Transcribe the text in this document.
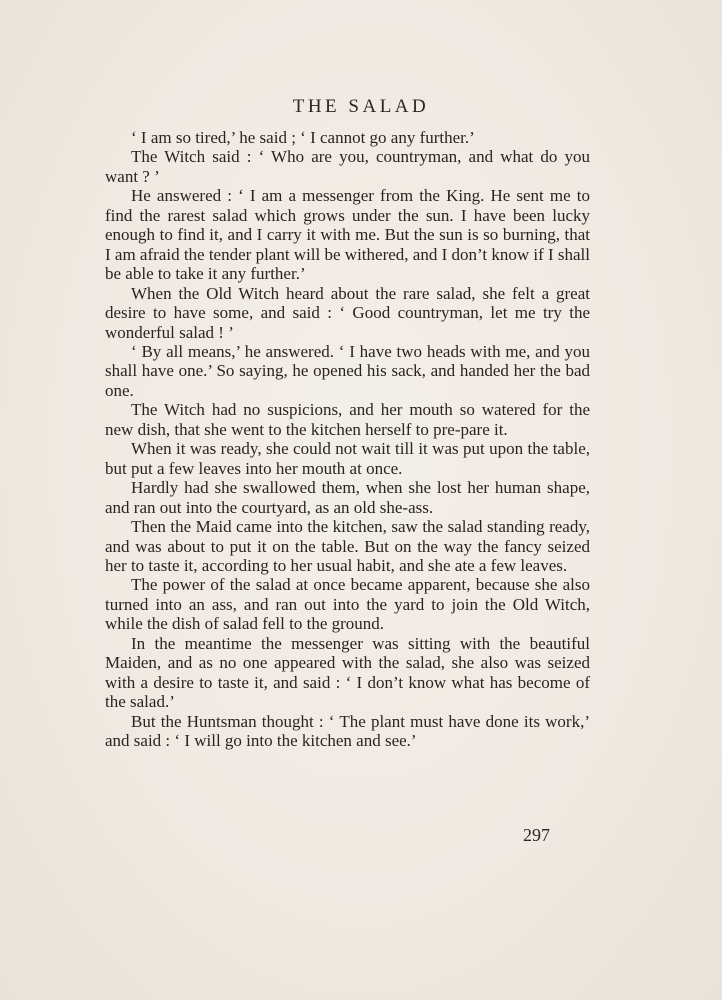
THE SALAD

‘ I am so tired,’ he said ; ‘ I cannot go any further.’

The Witch said : ‘ Who are you, countryman, and what do you want ? ’

He answered : ‘ I am a messenger from the King. He sent me to find the rarest salad which grows under the sun. I have been lucky enough to find it, and I carry it with me. But the sun is so burning, that I am afraid the tender plant will be withered, and I don’t know if I shall be able to take it any further.’

When the Old Witch heard about the rare salad, she felt a great desire to have some, and said : ‘ Good countryman, let me try the wonderful salad ! ’

‘ By all means,’ he answered. ‘ I have two heads with me, and you shall have one.’ So saying, he opened his sack, and handed her the bad one.

The Witch had no suspicions, and her mouth so watered for the new dish, that she went to the kitchen herself to pre-pare it.

When it was ready, she could not wait till it was put upon the table, but put a few leaves into her mouth at once.

Hardly had she swallowed them, when she lost her human shape, and ran out into the courtyard, as an old she-ass.

Then the Maid came into the kitchen, saw the salad standing ready, and was about to put it on the table. But on the way the fancy seized her to taste it, according to her usual habit, and she ate a few leaves.

The power of the salad at once became apparent, because she also turned into an ass, and ran out into the yard to join the Old Witch, while the dish of salad fell to the ground.

In the meantime the messenger was sitting with the beautiful Maiden, and as no one appeared with the salad, she also was seized with a desire to taste it, and said : ‘ I don’t know what has become of the salad.’

But the Huntsman thought : ‘ The plant must have done its work,’ and said : ‘ I will go into the kitchen and see.’

297
